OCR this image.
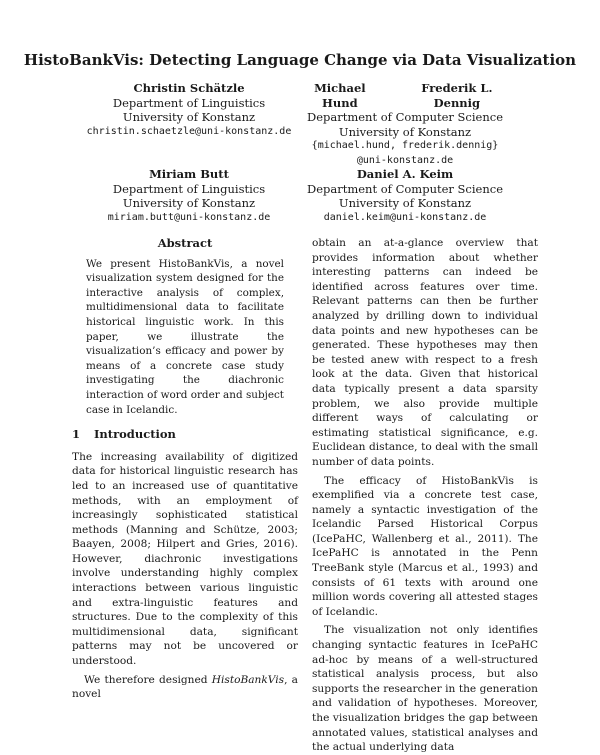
HistoBankVis: Detecting Language Change via Data Visualization
Christin Schätzle
Department of Linguistics
University of Konstanz
christin.schaetzle@uni-konstanz.de
Michael Hund
Frederik L. Dennig
Department of Computer Science
University of Konstanz
{michael.hund, frederik.dennig}
@uni-konstanz.de
Miriam Butt
Department of Linguistics
University of Konstanz
miriam.butt@uni-konstanz.de
Daniel A. Keim
Department of Computer Science
University of Konstanz
daniel.keim@uni-konstanz.de
Abstract

We present HistoBankVis, a novel visualization system designed for the interactive analysis of complex, multidimensional data to facilitate historical linguistic work. In this paper, we illustrate the visualization’s efficacy and power by means of a concrete case study investigating the diachronic interaction of word order and subject case in Icelandic.

1 Introduction

The increasing availability of digitized data for historical linguistic research has led to an increased use of quantitative methods, with an employment of increasingly sophisticated statistical methods (Manning and Schütze, 2003; Baayen, 2008; Hilpert and Gries, 2016). However, diachronic investigations involve understanding highly complex interactions between various linguistic and extra-linguistic features and structures. Due to the complexity of this multidimensional data, significant patterns may not be uncovered or understood.

We therefore designed HistoBankVis, a novel

obtain an at-a-glance overview that provides information about whether interesting patterns can indeed be identified across features over time. Relevant patterns can then be further analyzed by drilling down to individual data points and new hypotheses can be generated. These hypotheses may then be tested anew with respect to a fresh look at the data. Given that historical data typically present a data sparsity problem, we also provide multiple different ways of calculating or estimating statistical significance, e.g. Euclidean distance, to deal with the small number of data points.

The efficacy of HistoBankVis is exemplified via a concrete test case, namely a syntactic investigation of the Icelandic Parsed Historical Corpus (IcePaHC, Wallenberg et al., 2011). The IcePaHC is annotated in the Penn TreeBank style (Marcus et al., 1993) and consists of 61 texts with around one million words covering all attested stages of Icelandic.

The visualization not only identifies changing syntactic features in IcePaHC ad-hoc by means of a well-structured statistical analysis process, but also supports the researcher in the generation and validation of hypotheses. Moreover, the visualization bridges the gap between annotated values, statistical analyses and the actual underlying data
